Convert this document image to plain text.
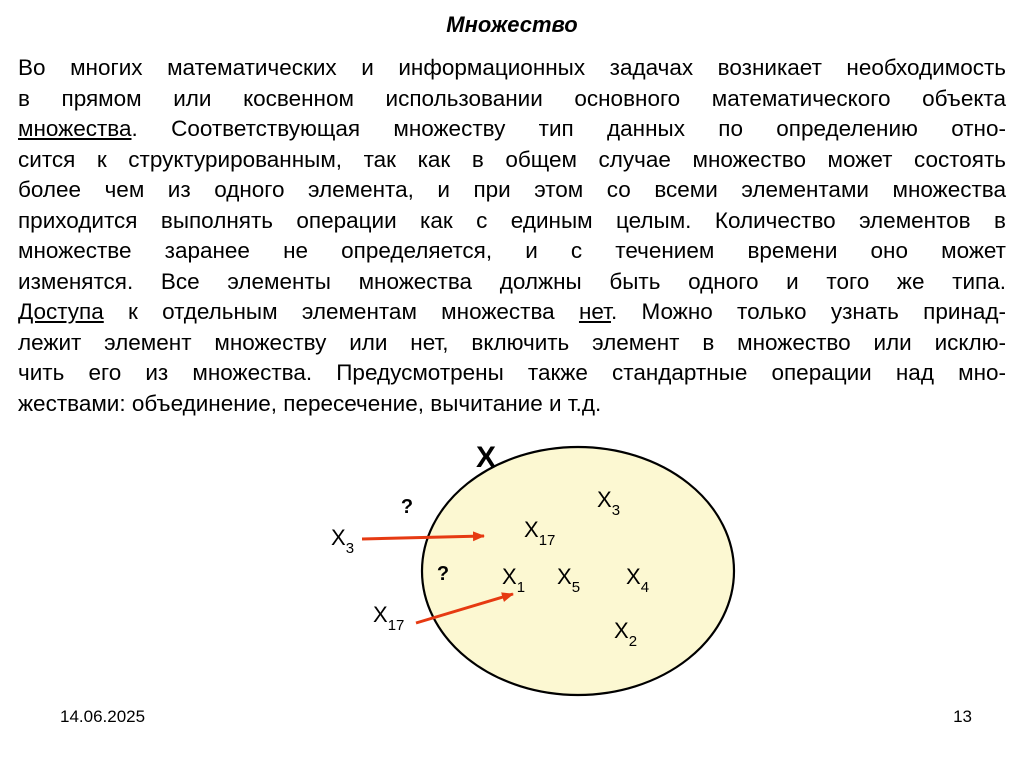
Множество

Во многих математических и информационных задачах возникает необходимость
в прямом или косвенном использовании основного математического объекта
множества. Соответствующая множеству тип данных по определению отно-
сится к структурированным, так как в общем случае множество может состоять
более чем из одного элемента, и при этом со всеми элементами множества
приходится выполнять операции как с единым целым. Количество элементов в
множестве заранее не определяется, и с течением времени оно может
изменятся. Все элементы множества должны быть одного и того же типа.
Доступа к отдельным элементам множества нет. Можно только узнать принад-
лежит элемент множеству или нет, включить элемент в множество или исклю-
чить его из множества. Предусмотрены также стандартные операции над мно-
жествами: объединение, пересечение, вычитание и т.д.

X
?
?
$X_3$
$X_{17}$
$X_3$
$X_{17}$
$X_1$ $X_5$ $X_4$
$X_2$
14.06.2025	13
